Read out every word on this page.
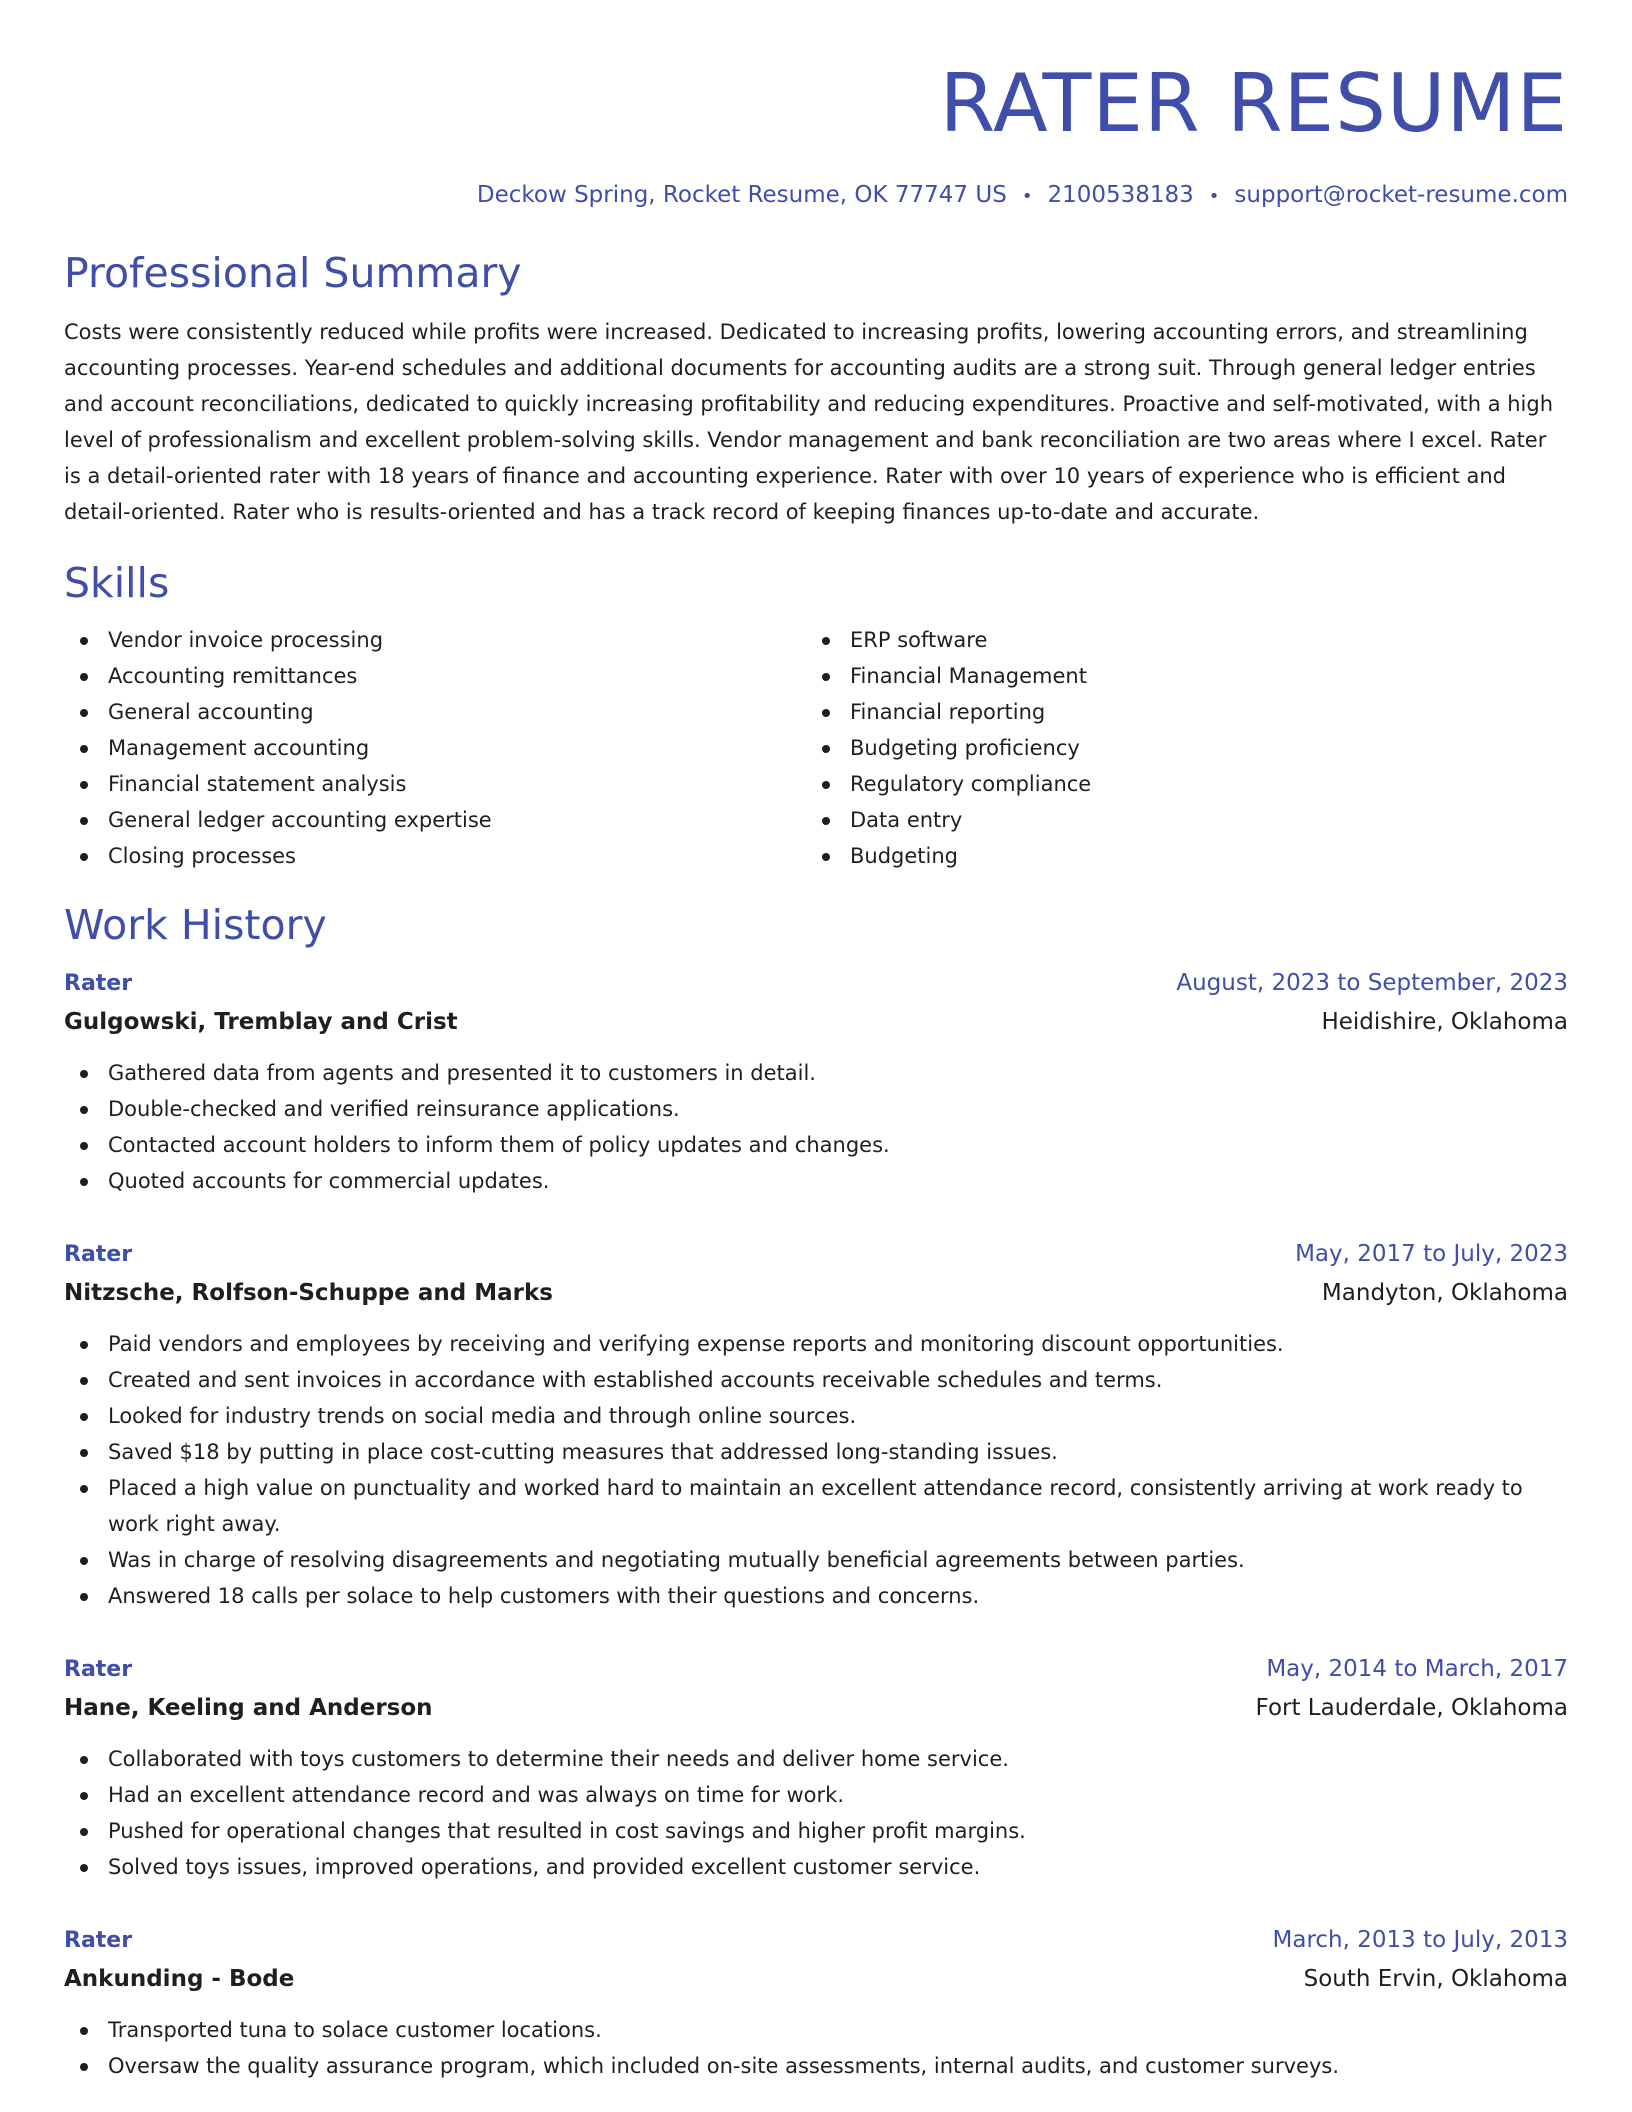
RATER RESUME
Deckow Spring, Rocket Resume, OK 77747 US • 2100538183 • support@rocket-resume.com
Professional Summary

Costs were consistently reduced while profits were increased. Dedicated to increasing profits, lowering accounting errors, and streamlining accounting processes. Year-end schedules and additional documents for accounting audits are a strong suit. Through general ledger entries and account reconciliations, dedicated to quickly increasing profitability and reducing expenditures. Proactive and self-motivated, with a high level of professionalism and excellent problem-solving skills. Vendor management and bank reconciliation are two areas where I excel. Rater is a detail-oriented rater with 18 years of finance and accounting experience. Rater with over 10 years of experience who is efficient and detail-oriented. Rater who is results-oriented and has a track record of keeping finances up-to-date and accurate.

Skills
Vendor invoice processing
Accounting remittances
General accounting
Management accounting
Financial statement analysis
General ledger accounting expertise
Closing processes
ERP software
Financial Management
Financial reporting
Budgeting proficiency
Regulatory compliance
Data entry
Budgeting
Work History
Rater	August, 2023 to September, 2023
Gulgowski, Tremblay and Crist	Heidishire, Oklahoma
Gathered data from agents and presented it to customers in detail.
Double-checked and verified reinsurance applications.
Contacted account holders to inform them of policy updates and changes.
Quoted accounts for commercial updates.
Rater	May, 2017 to July, 2023
Nitzsche, Rolfson-Schuppe and Marks	Mandyton, Oklahoma
Paid vendors and employees by receiving and verifying expense reports and monitoring discount opportunities.
Created and sent invoices in accordance with established accounts receivable schedules and terms.
Looked for industry trends on social media and through online sources.
Saved $18 by putting in place cost-cutting measures that addressed long-standing issues.
Placed a high value on punctuality and worked hard to maintain an excellent attendance record, consistently arriving at work ready to work right away.
Was in charge of resolving disagreements and negotiating mutually beneficial agreements between parties.
Answered 18 calls per solace to help customers with their questions and concerns.
Rater	May, 2014 to March, 2017
Hane, Keeling and Anderson	Fort Lauderdale, Oklahoma
Collaborated with toys customers to determine their needs and deliver home service.
Had an excellent attendance record and was always on time for work.
Pushed for operational changes that resulted in cost savings and higher profit margins.
Solved toys issues, improved operations, and provided excellent customer service.
Rater	March, 2013 to July, 2013
Ankunding - Bode	South Ervin, Oklahoma
Transported tuna to solace customer locations.
Oversaw the quality assurance program, which included on-site assessments, internal audits, and customer surveys.
